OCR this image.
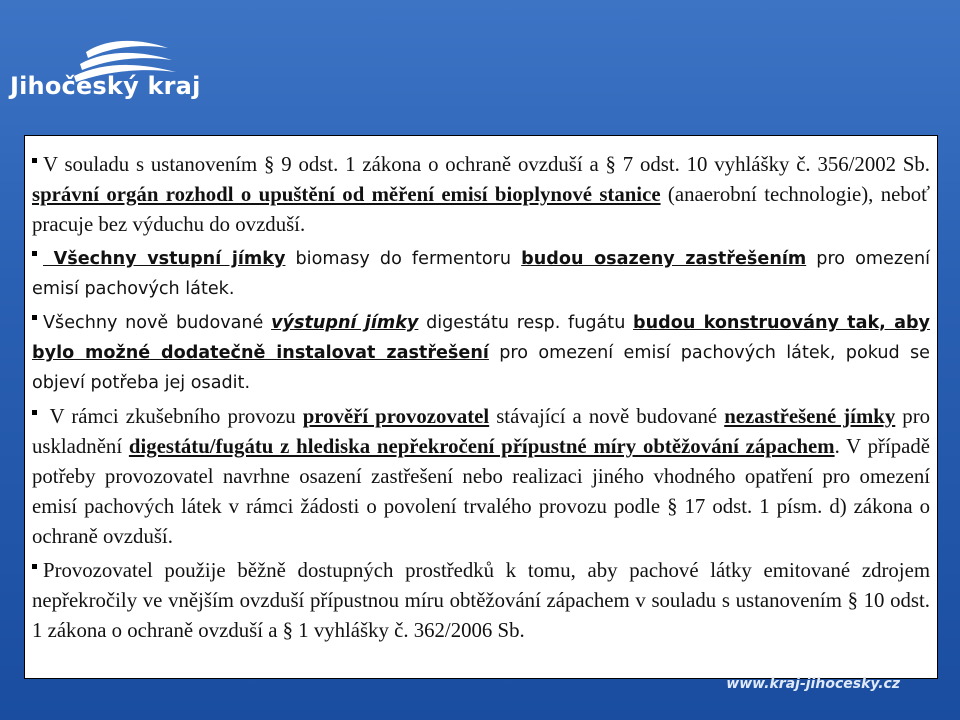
Jihočeský kraj

V souladu s ustanovením § 9 odst. 1 zákona o ochraně ovzduší a § 7 odst. 10 vyhlášky č. 356/2002 Sb. správní orgán rozhodl o upuštění od měření emisí bioplynové stanice (anaerobní technologie), neboť pracuje bez výduchu do ovzduší.

Všechny vstupní jímky biomasy do fermentoru budou osazeny zastřešením pro omezení emisí pachových látek.

Všechny nově budované výstupní jímky digestátu resp. fugátu budou konstruovány tak, aby bylo možné dodatečně instalovat zastřešení pro omezení emisí pachových látek, pokud se objeví potřeba jej osadit.

V rámci zkušebního provozu prověří provozovatel stávající a nově budované nezastřešené jímky pro uskladnění digestátu/fugátu z hlediska nepřekročení přípustné míry obtěžování zápachem. V případě potřeby provozovatel navrhne osazení zastřešení nebo realizaci jiného vhodného opatření pro omezení emisí pachových látek v rámci žádosti o povolení trvalého provozu podle § 17 odst. 1 písm. d) zákona o ochraně ovzduší.

Provozovatel použije běžně dostupných prostředků k tomu, aby pachové látky emitované zdrojem nepřekročily ve vnějším ovzduší přípustnou míru obtěžování zápachem v souladu s ustanovením § 10 odst. 1 zákona o ochraně ovzduší a § 1 vyhlášky č. 362/2006 Sb.

www.kraj-jihocesky.cz
